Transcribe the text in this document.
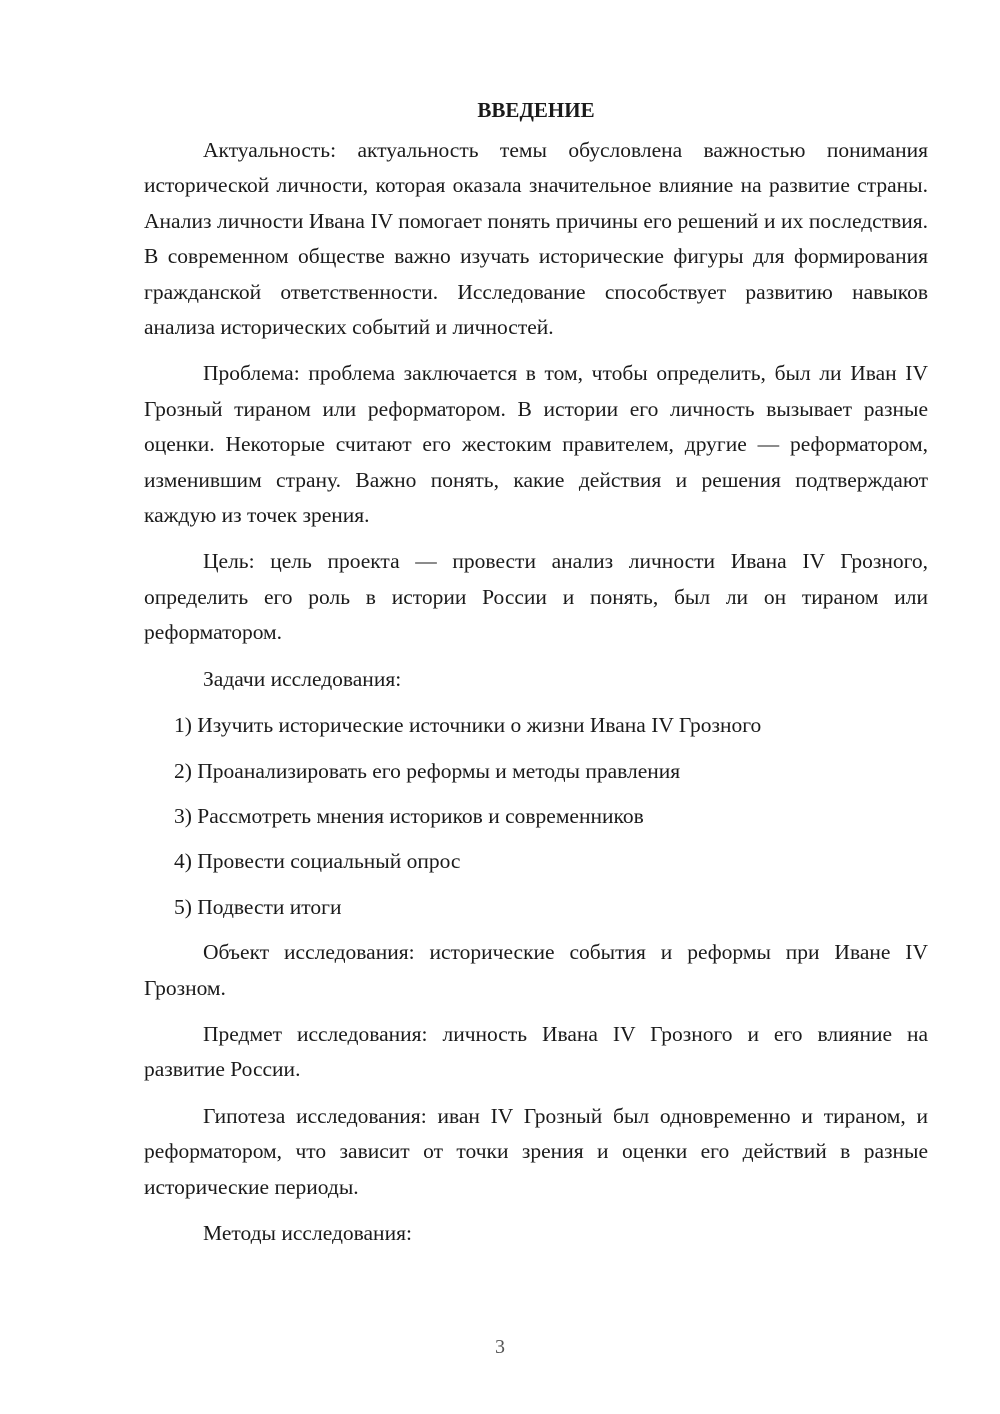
ВВЕДЕНИЕ

Актуальность: актуальность темы обусловлена важностью понимания исторической личности, которая оказала значительное влияние на развитие страны. Анализ личности Ивана IV помогает понять причины его решений и их последствия. В современном обществе важно изучать исторические фигуры для формирования гражданской ответственности. Исследование способствует развитию навыков анализа исторических событий и личностей.

Проблема: проблема заключается в том, чтобы определить, был ли Иван IV Грозный тираном или реформатором. В истории его личность вызывает разные оценки. Некоторые считают его жестоким правителем, другие — реформатором, изменившим страну. Важно понять, какие действия и решения подтверждают каждую из точек зрения.

Цель: цель проекта — провести анализ личности Ивана IV Грозного, определить его роль в истории России и понять, был ли он тираном или реформатором.

Задачи исследования:

1) Изучить исторические источники о жизни Ивана IV Грозного
2) Проанализировать его реформы и методы правления
3) Рассмотреть мнения историков и современников
4) Провести социальный опрос
5) Подвести итоги

Объект исследования: исторические события и реформы при Иване IV Грозном.

Предмет исследования: личность Ивана IV Грозного и его влияние на развитие России.

Гипотеза исследования: иван IV Грозный был одновременно и тираном, и реформатором, что зависит от точки зрения и оценки его действий в разные исторические периоды.

Методы исследования:

3
